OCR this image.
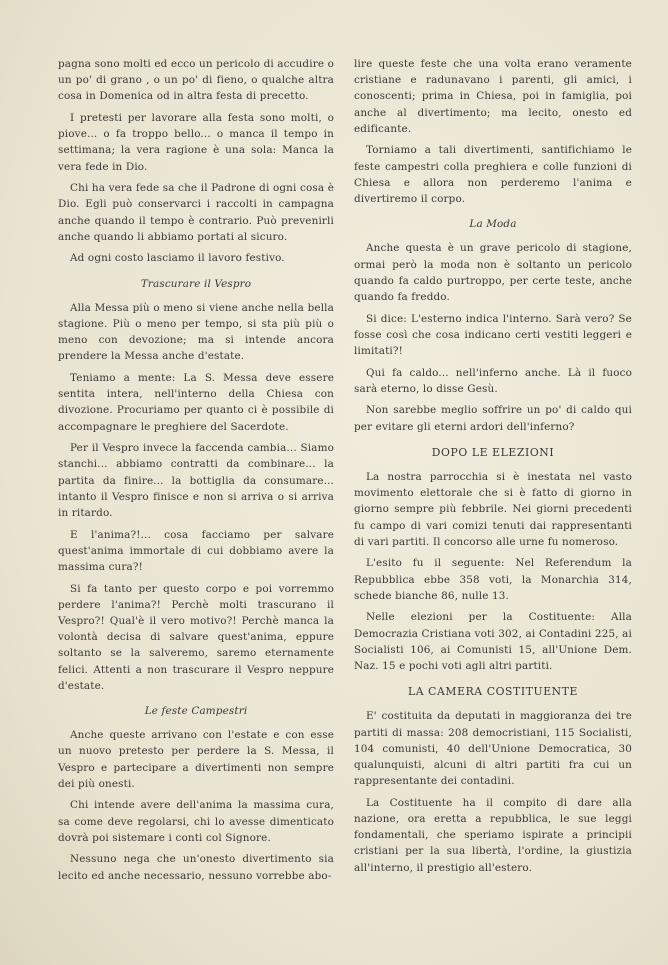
pagna sono molti ed ecco un pericolo di accudire o un po' di grano , o un po' di fieno, o qualche altra cosa in Domenica od in altra festa di precetto.

I pretesti per lavorare alla festa sono molti, o piove... o fa troppo bello... o manca il tempo in settimana; la vera ragione è una sola: Manca la vera fede in Dio.

Chi ha vera fede sa che il Padrone di ogni cosa è Dio. Egli può conservarci i raccolti in campagna anche quando il tempo è contrario. Può prevenirli anche quando li abbiamo portati al sicuro.

Ad ogni costo lasciamo il lavoro festivo.

Trascurare il Vespro

Alla Messa più o meno si viene anche nella bella stagione. Più o meno per tempo, si sta più più o meno con devozione; ma si intende ancora prendere la Messa anche d'estate.

Teniamo a mente: La S. Messa deve essere sentita intera, nell'interno della Chiesa con divozione. Procuriamo per quanto ci è possibile di accompagnare le preghiere del Sacerdote.

Per il Vespro invece la faccenda cambia... Siamo stanchi... abbiamo contratti da combinare... la partita da finire... la bottiglia da consumare... intanto il Vespro finisce e non si arriva o si arriva in ritardo.

E l'anima?!... cosa facciamo per salvare quest'anima immortale di cui dobbiamo avere la massima cura?!

Si fa tanto per questo corpo e poi vorremmo perdere l'anima?! Perchè molti trascurano il Vespro?! Qual'è il vero motivo?! Perchè manca la volontà decisa di salvare quest'anima, eppure soltanto se la salveremo, saremo eternamente felici. Attenti a non trascurare il Vespro neppure d'estate.

Le feste Campestri

Anche queste arrivano con l'estate e con esse un nuovo pretesto per perdere la S. Messa, il Vespro e partecipare a divertimenti non sempre dei più onesti.

Chi intende avere dell'anima la massima cura, sa come deve regolarsi, chi lo avesse dimenticato dovrà poi sistemare i conti col Signore.

Nessuno nega che un'onesto divertimento sia lecito ed anche necessario, nessuno vorrebbe abo-

lire queste feste che una volta erano veramente cristiane e radunavano i parenti, gli amici, i conoscenti; prima in Chiesa, poi in famiglia, poi anche al divertimento; ma lecito, onesto ed edificante.

Torniamo a tali divertimenti, santifichiamo le feste campestri colla preghiera e colle funzioni di Chiesa e allora non perderemo l'anima e divertiremo il corpo.

La Moda

Anche questa è un grave pericolo di stagione, ormai però la moda non è soltanto un pericolo quando fa caldo purtroppo, per certe teste, anche quando fa freddo.

Si dice: L'esterno indica l'interno. Sarà vero? Se fosse così che cosa indicano certi vestiti leggeri e limitati?!

Qui fa caldo... nell'inferno anche. Là il fuoco sarà eterno, lo disse Gesù.

Non sarebbe meglio soffrire un po' di caldo qui per evitare gli eterni ardori dell'inferno?

DOPO LE ELEZIONI

La nostra parrocchia si è inestata nel vasto movimento elettorale che si è fatto di giorno in giorno sempre più febbrile. Nei giorni precedenti fu campo di vari comizi tenuti dai rappresentanti di vari partiti. Il concorso alle urne fu nomeroso.

L'esito fu il seguente: Nel Referendum la Repubblica ebbe 358 voti, la Monarchia 314, schede bianche 86, nulle 13.

Nelle elezioni per la Costituente: Alla Democrazia Cristiana voti 302, ai Contadini 225, ai Socialisti 106, ai Comunisti 15, all'Unione Dem. Naz. 15 e pochi voti agli altri partiti.

LA CAMERA COSTITUENTE

E' costituita da deputati in maggioranza dei tre partiti di massa: 208 democristiani, 115 Socialisti, 104 comunisti, 40 dell'Unione Democratica, 30 qualunquisti, alcuni di altri partiti fra cui un rappresentante dei contadini.

La Costituente ha il compito di dare alla nazione, ora eretta a repubblica, le sue leggi fondamentali, che speriamo ispirate a principii cristiani per la sua libertà, l'ordine, la giustizia all'interno, il prestigio all'estero.
